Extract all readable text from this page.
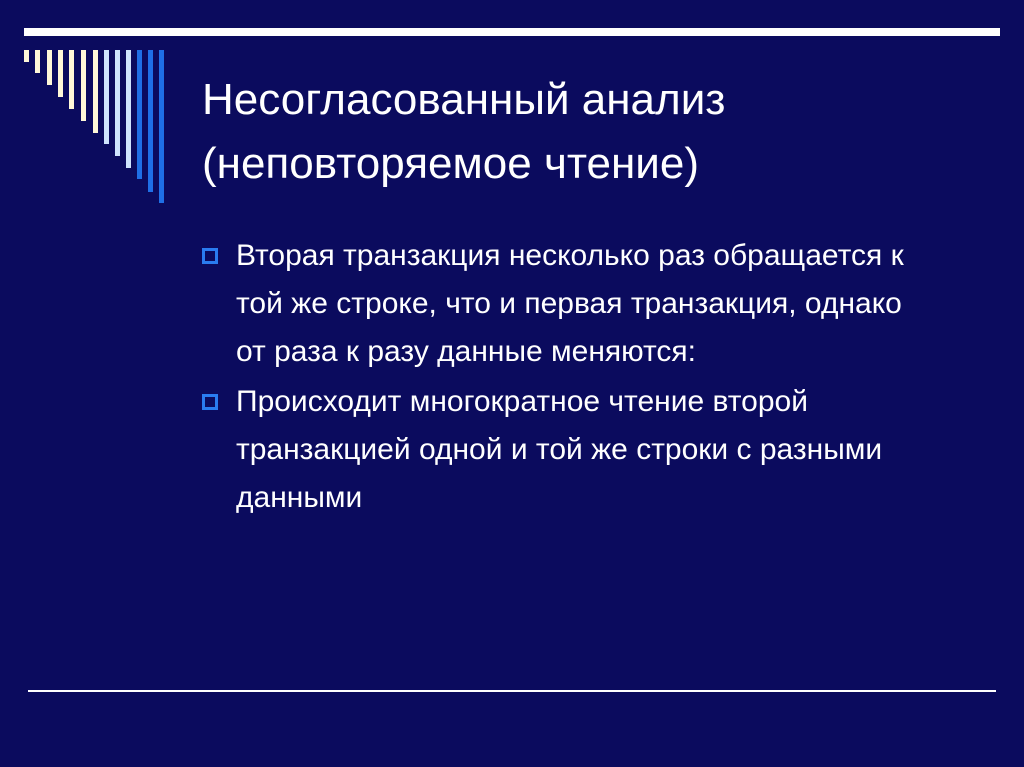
Несогласованный анализ
(неповторяемое чтение)
Вторая транзакция несколько раз обращается к той же строке, что и первая транзакция, однако от раза к разу данные меняются:
Происходит многократное чтение второй транзакцией одной и той же строки с разными данными
